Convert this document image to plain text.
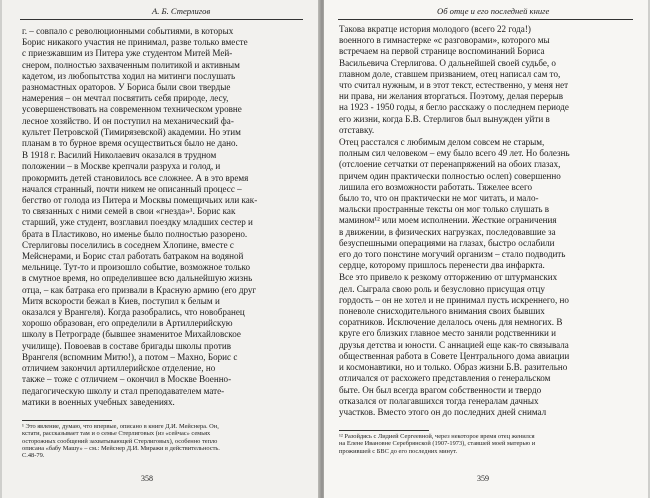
А. Б. Стерлигов
г. – совпало с революционными событиями, в которых
Борис никакого участия не принимал, разве только вместе
с приезжавшим из Питера уже студентом Митей Мей-
снером, полностью захваченным политикой и активным
кадетом, из любопытства ходил на митинги послушать
разномастных ораторов. У Бориса были свои твердые
намерения – он мечтал посвятить себя природе, лесу,
усовершенствовать на современном техническом уровне
лесное хозяйство. И он поступил на механический фа-
культет Петровской (Тимирязевской) академии. Но этим
планам в то бурное время осуществиться было не дано.
В 1918 г. Василий Николаевич оказался в трудном
положении – в Москве крепчали разруха и голод, и
прокормить детей становилось все сложнее. А в это время
начался странный, почти никем не описанный процесс –
бегство от голода из Питера и Москвы помещичьих или как-
то связанных с ними семей в свои «гнезда»¹. Борис как
старший, уже студент, возглавил поездку младших сестер и
брата в Пластиково, но именье было полностью разорено.
Стерлиговы поселились в соседнем Хлопине, вместе с
Мейснерами, и Борис стал работать батраком на водяной
мельнице. Тут-то и произошло событие, возможное только
в смутное время, но определившее всю дальнейшую жизнь
отца, – как батрака его призвали в Красную армию (его друг
Митя вскороcти бежал в Киев, поступил к белым и
оказался у Врангеля). Когда разобрались, что новобранец
хорошо образован, его определили в Артиллерийскую
школу в Петрограде (бывшее знаменитое Михайловское
училище). Повоевав в составе бригады школы против
Врангеля (вспомним Митю!), а потом – Махно, Борис с
отличием закончил артиллерийское отделение, но
также – тоже с отличием – окончил в Москве Военно-
педагогическую школу и стал преподавателем мате-
матики в военных учебных заведениях.
¹ Это явление, думаю, что впервые, описано в книге Д.И. Мейснера. Он,
кстати, рассказывает там и о семье Стерлиговых (из «сейчас» семьях
осторожных сообщений захватывающей Стерлиговых), особенно тепло
описана «бабу Машу» – см.: Мейснер Д.И. Миражи в действительность.
С.48-79.
358
Об отце и его последней книге
Такова вкратце история молодого (всего 22 года!)
военного в гимнастерке «с разговорами», которого мы
встречаем на первой странице воспоминаний Бориса
Васильевича Стерлигова. О дальнейшей своей судьбе, о
главном доле, ставшем призванием, отец написал сам то,
что считал нужным, и в этот текст, естественно, у меня нет
ни права, ни желания вторгаться. Поэтому, делая перерыв
на 1923 - 1950 годы, я бегло расскажу о последнем периоде
его жизни, когда Б.В. Стерлигов был вынужден уйти в
отставку.
Отец расстался с любимым делом совсем не старым,
полным сил человеком – ему было всего 49 лет. Но болезнь
(отслоение сетчатки от перенапряжений на обоих глазах,
причем один практически полностью ослеп) совершенно
лишила его возможности работать. Тяжелее всего
было то, что он практически не мог читать, и мало-
мальски пространные тексты он мог только слушать в
мамином¹² или моем исполнении. Жесткие ограничения
в движении, в физических нагрузках, последовавшие за
безуспешными операциями на глазах, быстро ослабили
его до того понстине могучий организм – стало подводить
сердце, которому пришлось перенести два инфаркта.
Все это привело к резкому отторжению от штурманских
дел. Сыграла свою роль и безусловно присущая отцу
гордость – он не хотел и не принимал пусть искреннего, но
поневоле снисходительного внимания своих бывших
соратников. Исключение делалось очень для немногих. В
круге его близких главное место заняли родственники и
друзья детства и юности. С аннацией еще как-то связывала
общественная работа в Совете Центрального дома авиации
и космонавтики, но и только. Образ жизни Б.В. разительно
отличался от расхожего представления о генеральском
быте. Он был всегда врагом собственности и твердо
отказался от полагавшихся тогда генералам дачных
участков. Вместо этого он до последних дней снимал
¹² Разойдясь с Лидией Сергеевной, через некоторое время отец женился
на Елене Ивановне Серебрянской (1907-1973), ставшей моей матерью и
прожившей с БВС до его последних минут.
359
